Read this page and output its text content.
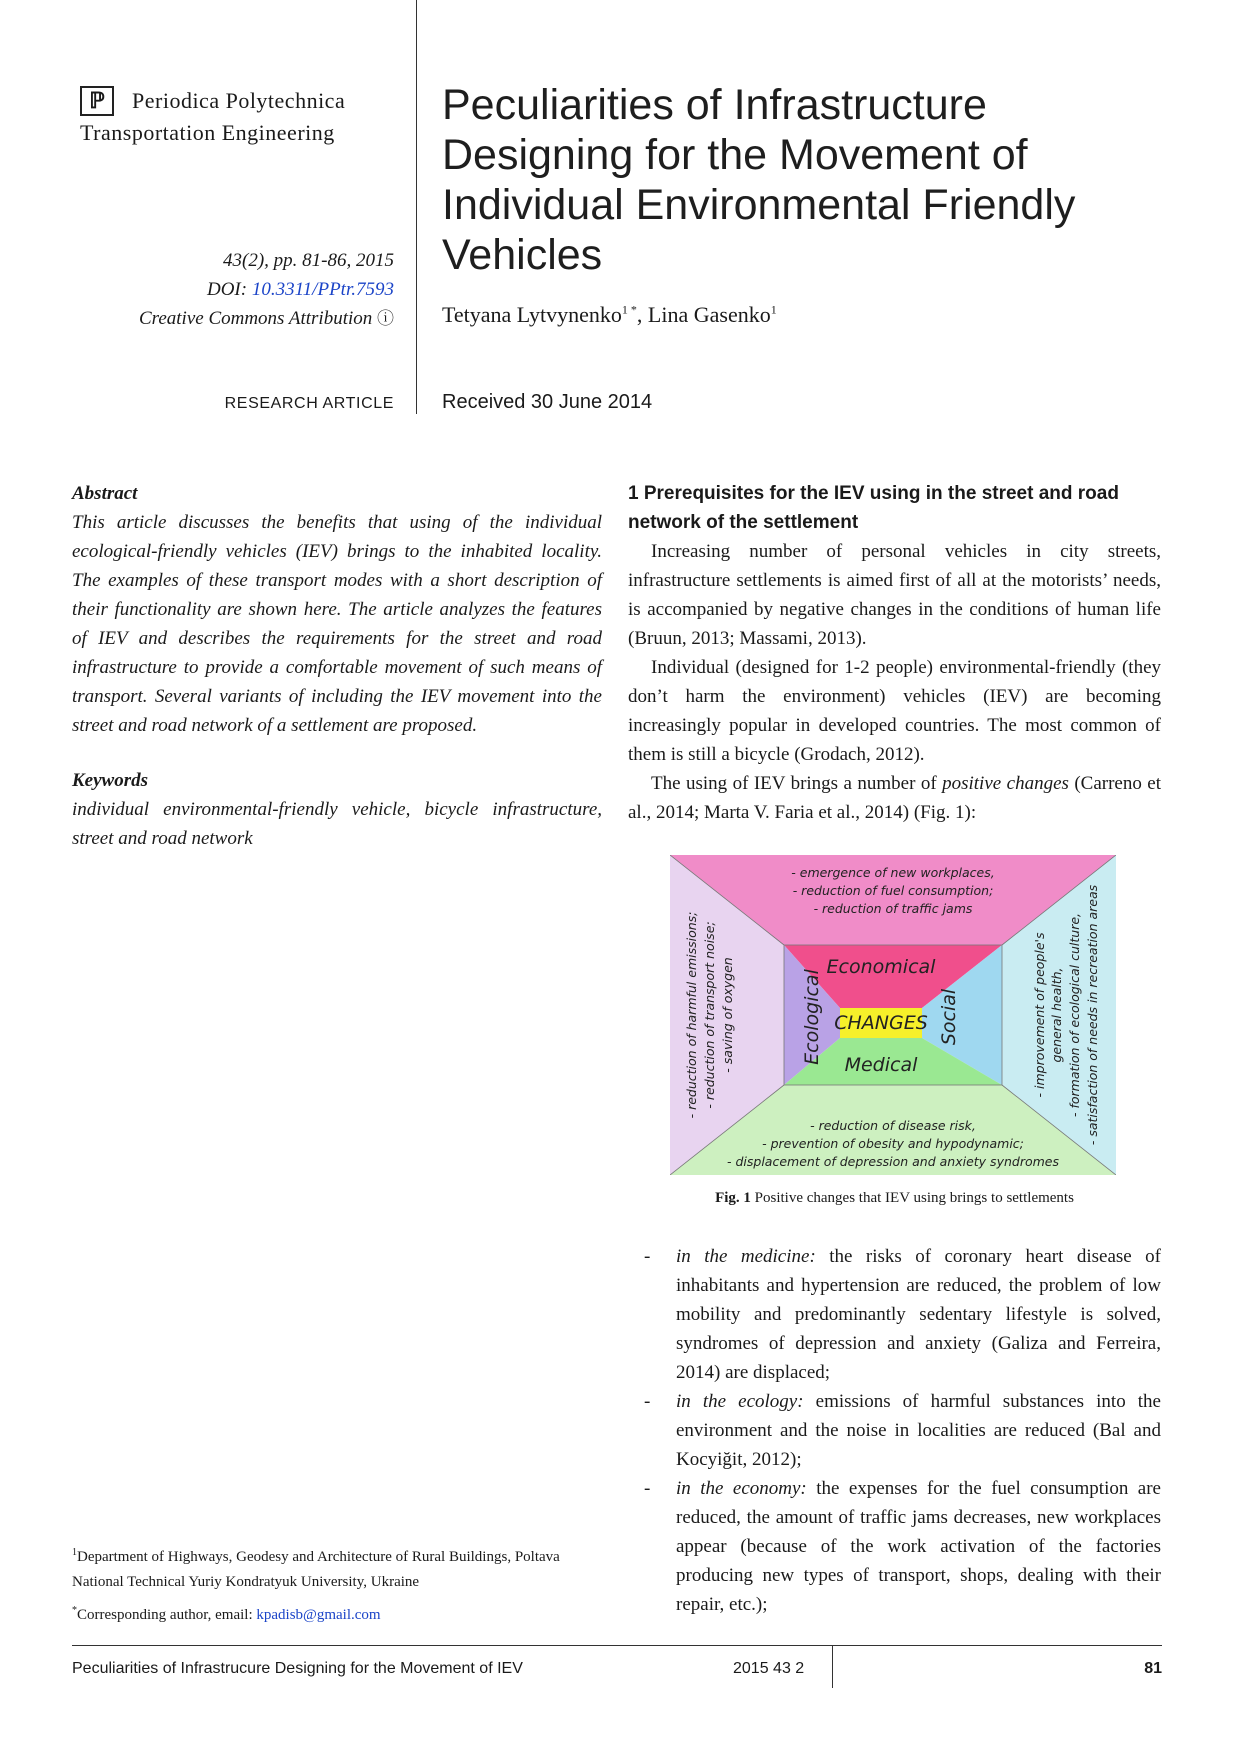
ℙ	Periodica Polytechnica
Transportation Engineering
43(2), pp. 81-86, 2015
DOI: 10.3311/PPtr.7593
Creative Commons Attribution ⓘ
RESEARCH ARTICLE
Peculiarities of Infrastructure Designing for the Movement of Individual Environmental Friendly Vehicles
Tetyana Lytvynenko$^{1 *}$, Lina Gasenko$^1$
Received 30 June 2014
Abstract
This article discusses the benefits that using of the individual ecological-friendly vehicles (IEV) brings to the inhabited locality. The examples of these transport modes with a short description of their functionality are shown here. The article analyzes the features of IEV and describes the requirements for the street and road infrastructure to provide a comfortable movement of such means of transport. Several variants of including the IEV movement into the street and road network of a settlement are proposed.
Keywords
individual environmental-friendly vehicle, bicycle infrastructure, street and road network
$^1$Department of Highways, Geodesy and Architecture of Rural Buildings, Poltava National Technical Yuriy Kondratyuk University, Ukraine
*Corresponding author, email: kpadisb@gmail.com
1 Prerequisites for the IEV using in the street and road network of the settlement

Increasing number of personal vehicles in city streets, infrastructure settlements is aimed first of all at the motorists’ needs, is accompanied by negative changes in the conditions of human life (Bruun, 2013; Massami, 2013).

Individual (designed for 1-2 people) environmental-friendly (they don’t harm the environment) vehicles (IEV) are becoming increasingly popular in developed countries. The most common of them is still a bicycle (Grodach, 2012).

The using of IEV brings a number of positive changes (Carreno et al., 2014; Marta V. Faria et al., 2014) (Fig. 1):

CHANGES
Economical
Medical
Ecological	Social
- emergence of new workplaces,
- reduction of fuel consumption;
- reduction of traffic jams
- reduction of disease risk,
- prevention of obesity and hypodynamic;
- displacement of depression and anxiety syndromes
- reduction of harmful emissions; - reduction of transport noise; - saving of oxygen	- improvement of people's general health, - formation of ecological culture, - satisfaction of needs in recreation areas
Fig. 1 Positive changes that IEV using brings to settlements
- in the medicine: the risks of coronary heart disease of inhabitants and hypertension are reduced, the problem of low mobility and predominantly sedentary lifestyle is solved, syndromes of depression and anxiety (Galiza and Ferreira, 2014) are displaced;
- in the ecology: emissions of harmful substances into the environment and the noise in localities are reduced (Bal and Kocyiğit, 2012);
- in the economy: the expenses for the fuel consumption are reduced, the amount of traffic jams decreases, new workplaces appear (because of the work activation of the factories producing new types of transport, shops, dealing with their repair, etc.);
Peculiarities of Infrastrucure Designing for the Movement of IEV	2015 43 2	81
